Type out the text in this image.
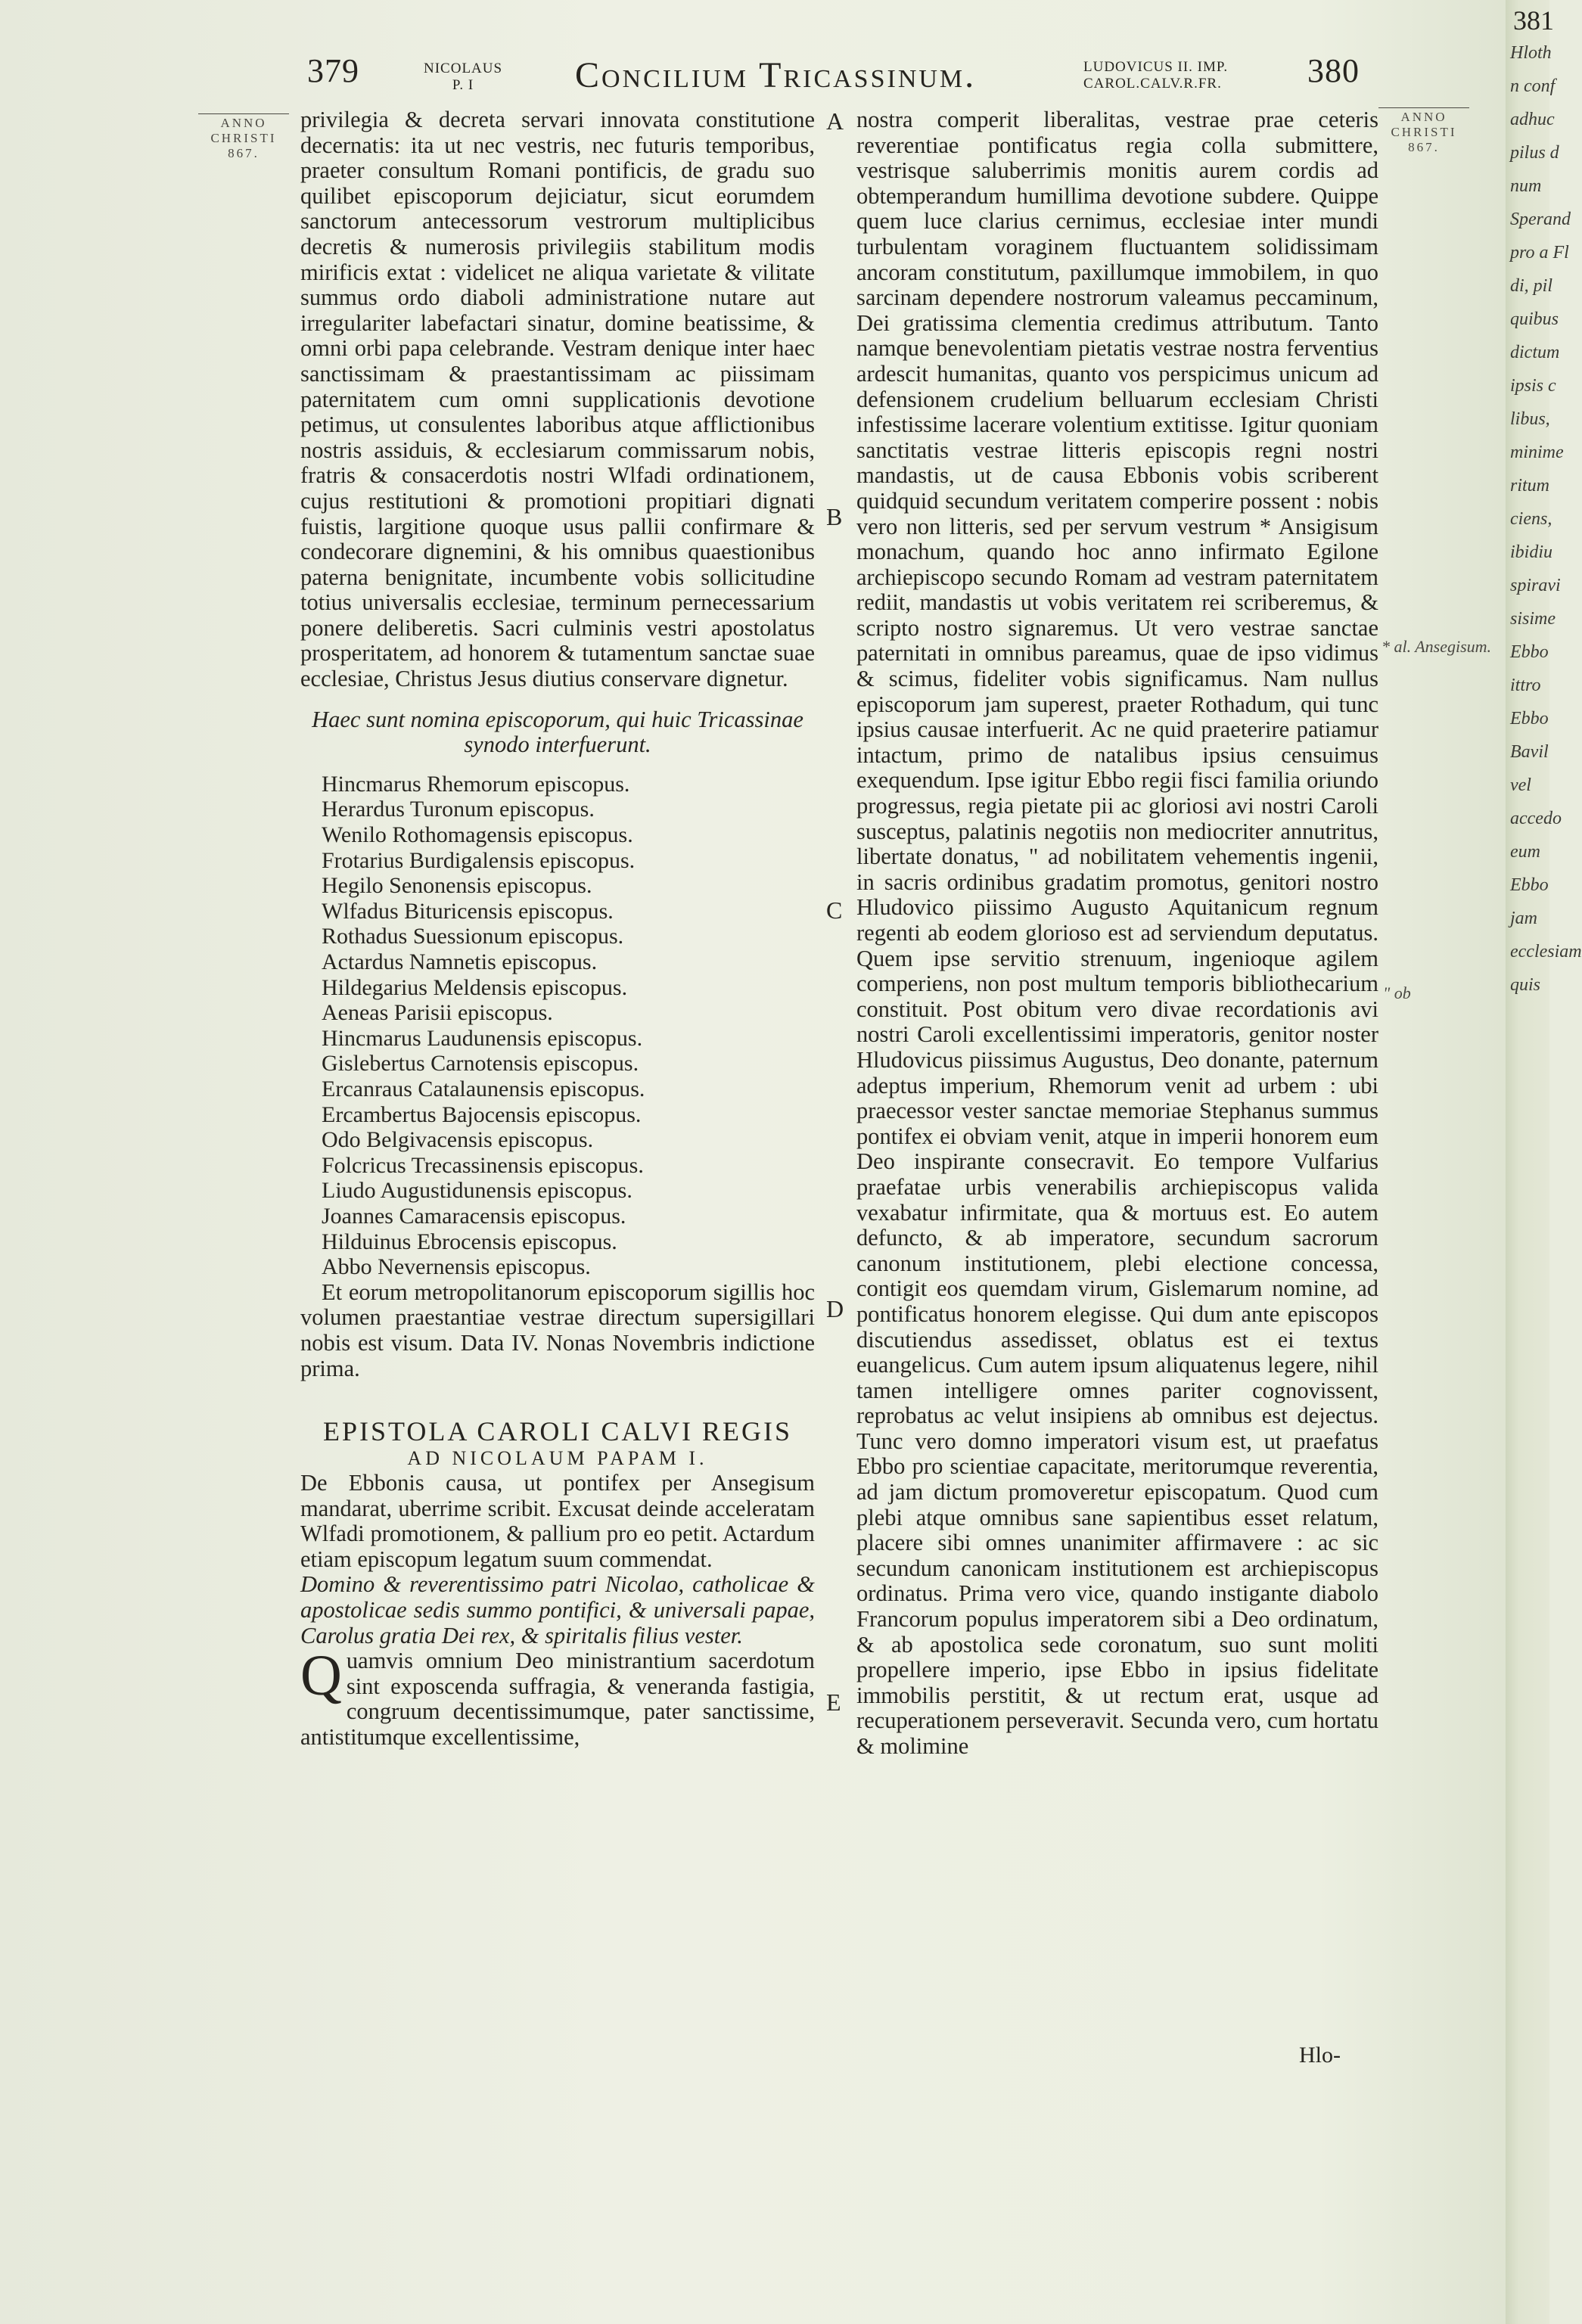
379	NICOLAUS
P. I	Concilium Tricassinum.	LUDOVICUS II. IMP.
CAROL.CALV.R.FR.	380
ANNO
CHRISTI
867.
ANNO
CHRISTI
867.

privilegia & decreta servari innovata constitutione decernatis: ita ut nec vestris, nec futuris temporibus, praeter consultum Romani pontificis, de gradu suo quilibet episcoporum dejiciatur, sicut eorumdem sanctorum antecessorum vestrorum multiplicibus decretis & numerosis privilegiis stabilitum modis mirificis extat : videlicet ne aliqua varietate & vilitate summus ordo diaboli administratione nutare aut irregulariter labefactari sinatur, domine beatissime, & omni orbi papa celebrande. Vestram denique inter haec sanctissimam & praestantissimam ac piissimam paternitatem cum omni supplicationis devotione petimus, ut consulentes laboribus atque afflictionibus nostris assiduis, & ecclesiarum commissarum nobis, fratris & consacerdotis nostri Wlfadi ordinationem, cujus restitutioni & promotioni propitiari dignati fuistis, largitione quoque usus pallii confirmare & condecorare dignemini, & his omnibus quaestionibus paterna benignitate, incumbente vobis sollicitudine totius universalis ecclesiae, terminum pernecessarium ponere deliberetis. Sacri culminis vestri apostolatus prosperitatem, ad honorem & tutamentum sanctae suae ecclesiae, Christus Jesus diutius conservare dignetur.

Haec sunt nomina episcoporum, qui huic Tricassinae synodo interfuerunt.

Hincmarus Rhemorum episcopus.
Herardus Turonum episcopus.
Wenilo Rothomagensis episcopus.
Frotarius Burdigalensis episcopus.
Hegilo Senonensis episcopus.
Wlfadus Bituricensis episcopus.
Rothadus Suessionum episcopus.
Actardus Namnetis episcopus.
Hildegarius Meldensis episcopus.
Aeneas Parisii episcopus.
Hincmarus Laudunensis episcopus.
Gislebertus Carnotensis episcopus.
Ercanraus Catalaunensis episcopus.
Ercambertus Bajocensis episcopus.
Odo Belgivacensis episcopus.
Folcricus Trecassinensis episcopus.
Liudo Augustidunensis episcopus.
Joannes Camaracensis episcopus.
Hilduinus Ebrocensis episcopus.
Abbo Nevernensis episcopus.

Et eorum metropolitanorum episcoporum sigillis hoc volumen praestantiae vestrae directum supersigillari nobis est visum. Data IV. Nonas Novembris indictione prima.

EPISTOLA CAROLI CALVI REGIS
AD NICOLAUM PAPAM I.

De Ebbonis causa, ut pontifex per Ansegisum mandarat, uberrime scribit. Excusat deinde acceleratam Wlfadi promotionem, & pallium pro eo petit. Actardum etiam episcopum legatum suum commendat.

Domino & reverentissimo patri Nicolao, catholicae & apostolicae sedis summo pontifici, & universali papae, Carolus gratia Dei rex, & spiritalis filius vester.

Quamvis omnium Deo ministrantium sacerdotum sint exposcenda suffragia, & veneranda fastigia, congruum decentissimumque, pater sanctissime, antistitumque excellentissime,

A
B
C
D
E

nostra comperit liberalitas, vestrae prae ceteris reverentiae pontificatus regia colla submittere, vestrisque saluberrimis monitis aurem cordis ad obtemperandum humillima devotione subdere. Quippe quem luce clarius cernimus, ecclesiae inter mundi turbulentam voraginem fluctuantem solidissimam ancoram constitutum, paxillumque immobilem, in quo sarcinam dependere nostrorum valeamus peccaminum, Dei gratissima clementia credimus attributum. Tanto namque benevolentiam pietatis vestrae nostra ferventius ardescit humanitas, quanto vos perspicimus unicum ad defensionem crudelium belluarum ecclesiam Christi infestissime lacerare volentium extitisse. Igitur quoniam sanctitatis vestrae litteris episcopis regni nostri mandastis, ut de causa Ebbonis vobis scriberent quidquid secundum veritatem comperire possent : nobis vero non litteris, sed per servum vestrum * Ansigisum monachum, quando hoc anno infirmato Egilone archiepiscopo secundo Romam ad vestram paternitatem rediit, mandastis ut vobis veritatem rei scriberemus, & scripto nostro signaremus. Ut vero vestrae sanctae paternitati in omnibus pareamus, quae de ipso vidimus & scimus, fideliter vobis significamus. Nam nullus episcoporum jam superest, praeter Rothadum, qui tunc ipsius causae interfuerit. Ac ne quid praeterire patiamur intactum, primo de natalibus ipsius censuimus exequendum. Ipse igitur Ebbo regii fisci familia oriundo progressus, regia pietate pii ac gloriosi avi nostri Caroli susceptus, palatinis negotiis non mediocriter annutritus, libertate donatus, " ad nobilitatem vehementis ingenii, in sacris ordinibus gradatim promotus, genitori nostro Hludovico piissimo Augusto Aquitanicum regnum regenti ab eodem glorioso est ad serviendum deputatus. Quem ipse servitio strenuum, ingenioque agilem comperiens, non post multum temporis bibliothecarium constituit. Post obitum vero divae recordationis avi nostri Caroli excellentissimi imperatoris, genitor noster Hludovicus piissimus Augustus, Deo donante, paternum adeptus imperium, Rhemorum venit ad urbem : ubi praecessor vester sanctae memoriae Stephanus summus pontifex ei obviam venit, atque in imperii honorem eum Deo inspirante consecravit. Eo tempore Vulfarius praefatae urbis venerabilis archiepiscopus valida vexabatur infirmitate, qua & mortuus est. Eo autem defuncto, & ab imperatore, secundum sacrorum canonum institutionem, plebi electione concessa, contigit eos quemdam virum, Gislemarum nomine, ad pontificatus honorem elegisse. Qui dum ante episcopos discutiendus assedisset, oblatus est ei textus euangelicus. Cum autem ipsum aliquatenus legere, nihil tamen intelligere omnes pariter cognovissent, reprobatus ac velut insipiens ab omnibus est dejectus. Tunc vero domno imperatori visum est, ut praefatus Ebbo pro scientiae capacitate, meritorumque reverentia, ad jam dictum promoveretur episcopatum. Quod cum plebi atque omnibus sane sapientibus esset relatum, placere sibi omnes unanimiter affirmavere : ac sic secundum canonicam institutionem est archiepiscopus ordinatus. Prima vero vice, quando instigante diabolo Francorum populus imperatorem sibi a Deo ordinatum, & ab apostolica sede coronatum, suo sunt moliti propellere imperio, ipse Ebbo in ipsius fidelitate immobilis perstitit, & ut rectum erat, usque ad recuperationem perseveravit. Secunda vero, cum hortatu & molimine

Hlo-
* al. Ansegisum.
" ob
381
Hloth
n conf
adhuc
pilus d
num
Sperand
pro a Fl
di, pil
quibus
dictum
ipsis c
libus,
minime
ritum
ciens,
ibidiu
spiravi
sisime
Ebbo
ittro
Ebbo
Bavil
vel
accedo
eum
Ebbo
jam
ecclesiam
quis
